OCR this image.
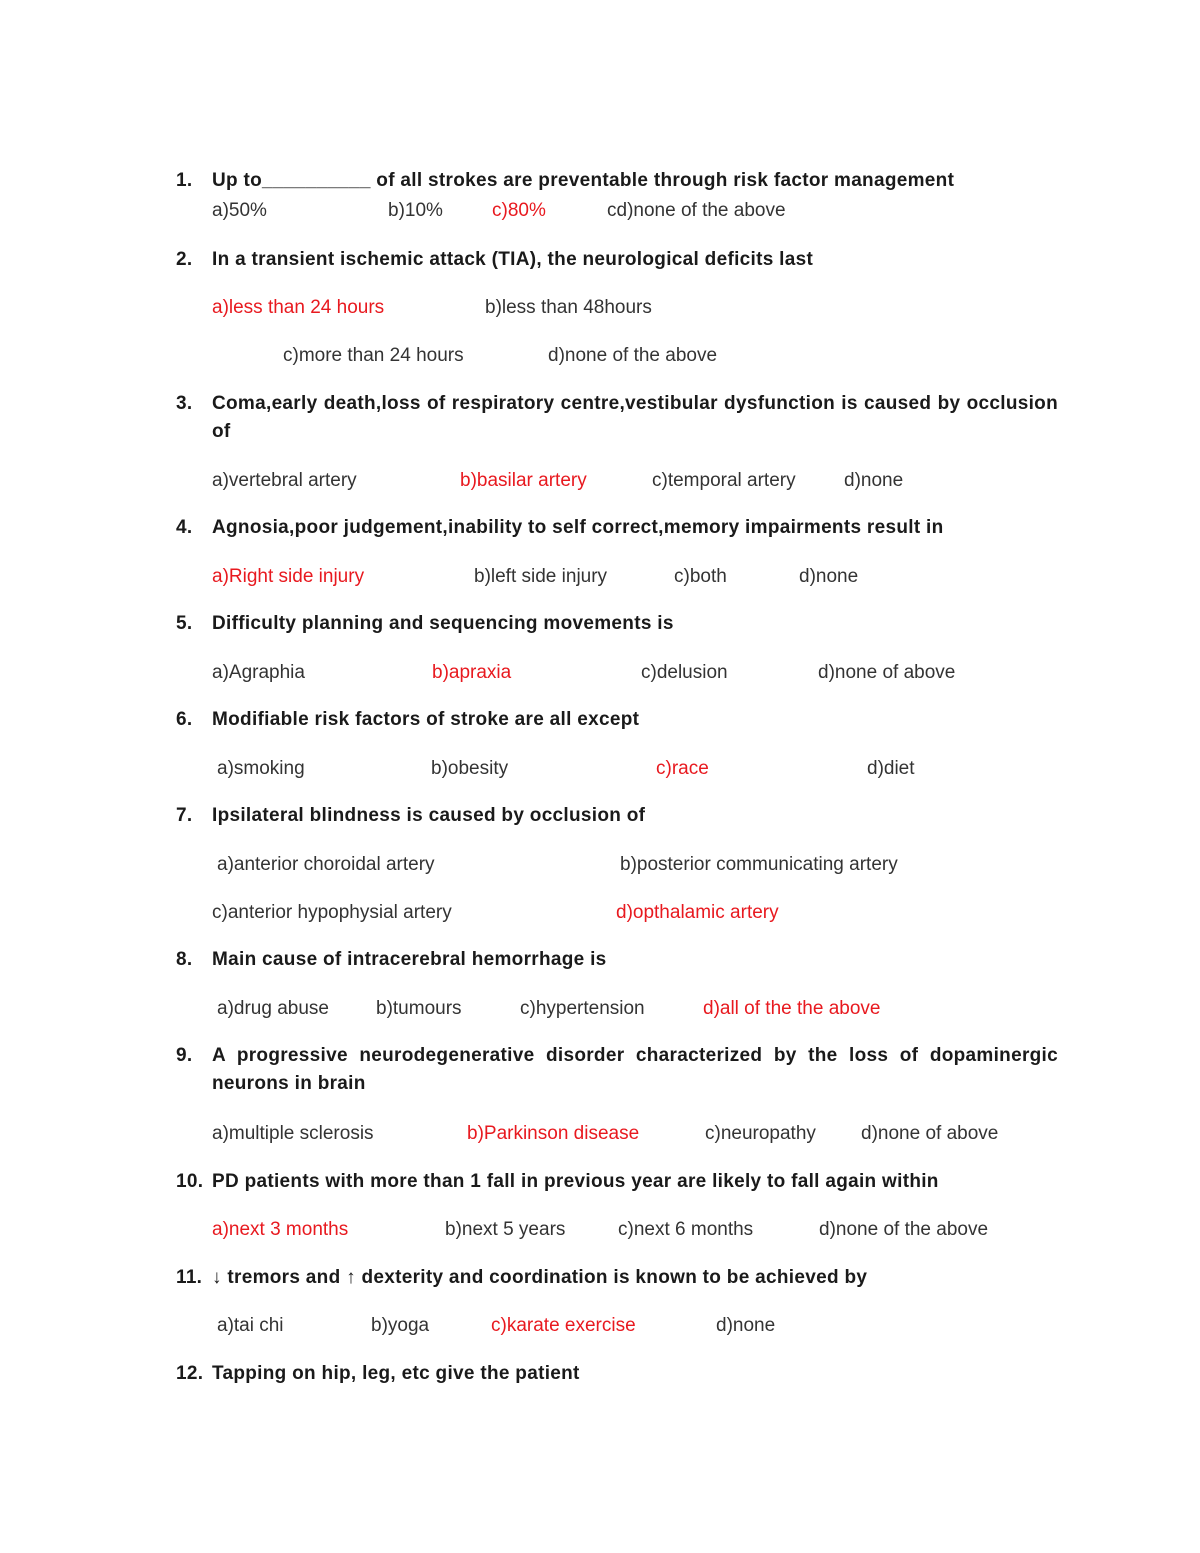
1. Up to__________ of all strokes are preventable through risk factor management
a)50%	b)10%	c)80%	cd)none of the above
2. In a transient ischemic attack (TIA), the neurological deficits last
a)less than 24 hours	b)less than 48hours
c)more than 24 hours	d)none of the above
3. Coma,early death,loss of respiratory centre,vestibular dysfunction is caused by occlusion of
a)vertebral artery	b)basilar artery	c)temporal artery	d)none
4. Agnosia,poor judgement,inability to self correct,memory impairments result in
a)Right side injury	b)left side injury	c)both	d)none
5. Difficulty planning and sequencing movements is
a)Agraphia	b)apraxia	c)delusion	d)none of above
6. Modifiable risk factors of stroke are all except
a)smoking	b)obesity	c)race	d)diet
7. Ipsilateral blindness is caused by occlusion of
a)anterior choroidal artery	b)posterior communicating artery
c)anterior hypophysial artery	d)opthalamic artery
8. Main cause of intracerebral hemorrhage is
a)drug abuse b)tumours	c)hypertension	d)all of the the above
9. A progressive neurodegenerative disorder characterized by the loss of dopaminergic neurons in brain
a)multiple sclerosis	b)Parkinson disease	c)neuropathy d)none of above
10. PD patients with more than 1 fall in previous year are likely to fall again within
a)next 3 months	b)next 5 years	c)next 6 months	d)none of the above
11. ↓ tremors and ↑ dexterity and coordination is known to be achieved by
a)tai chi	b)yoga	c)karate exercise	d)none
12. Tapping on hip, leg, etc give the patient
